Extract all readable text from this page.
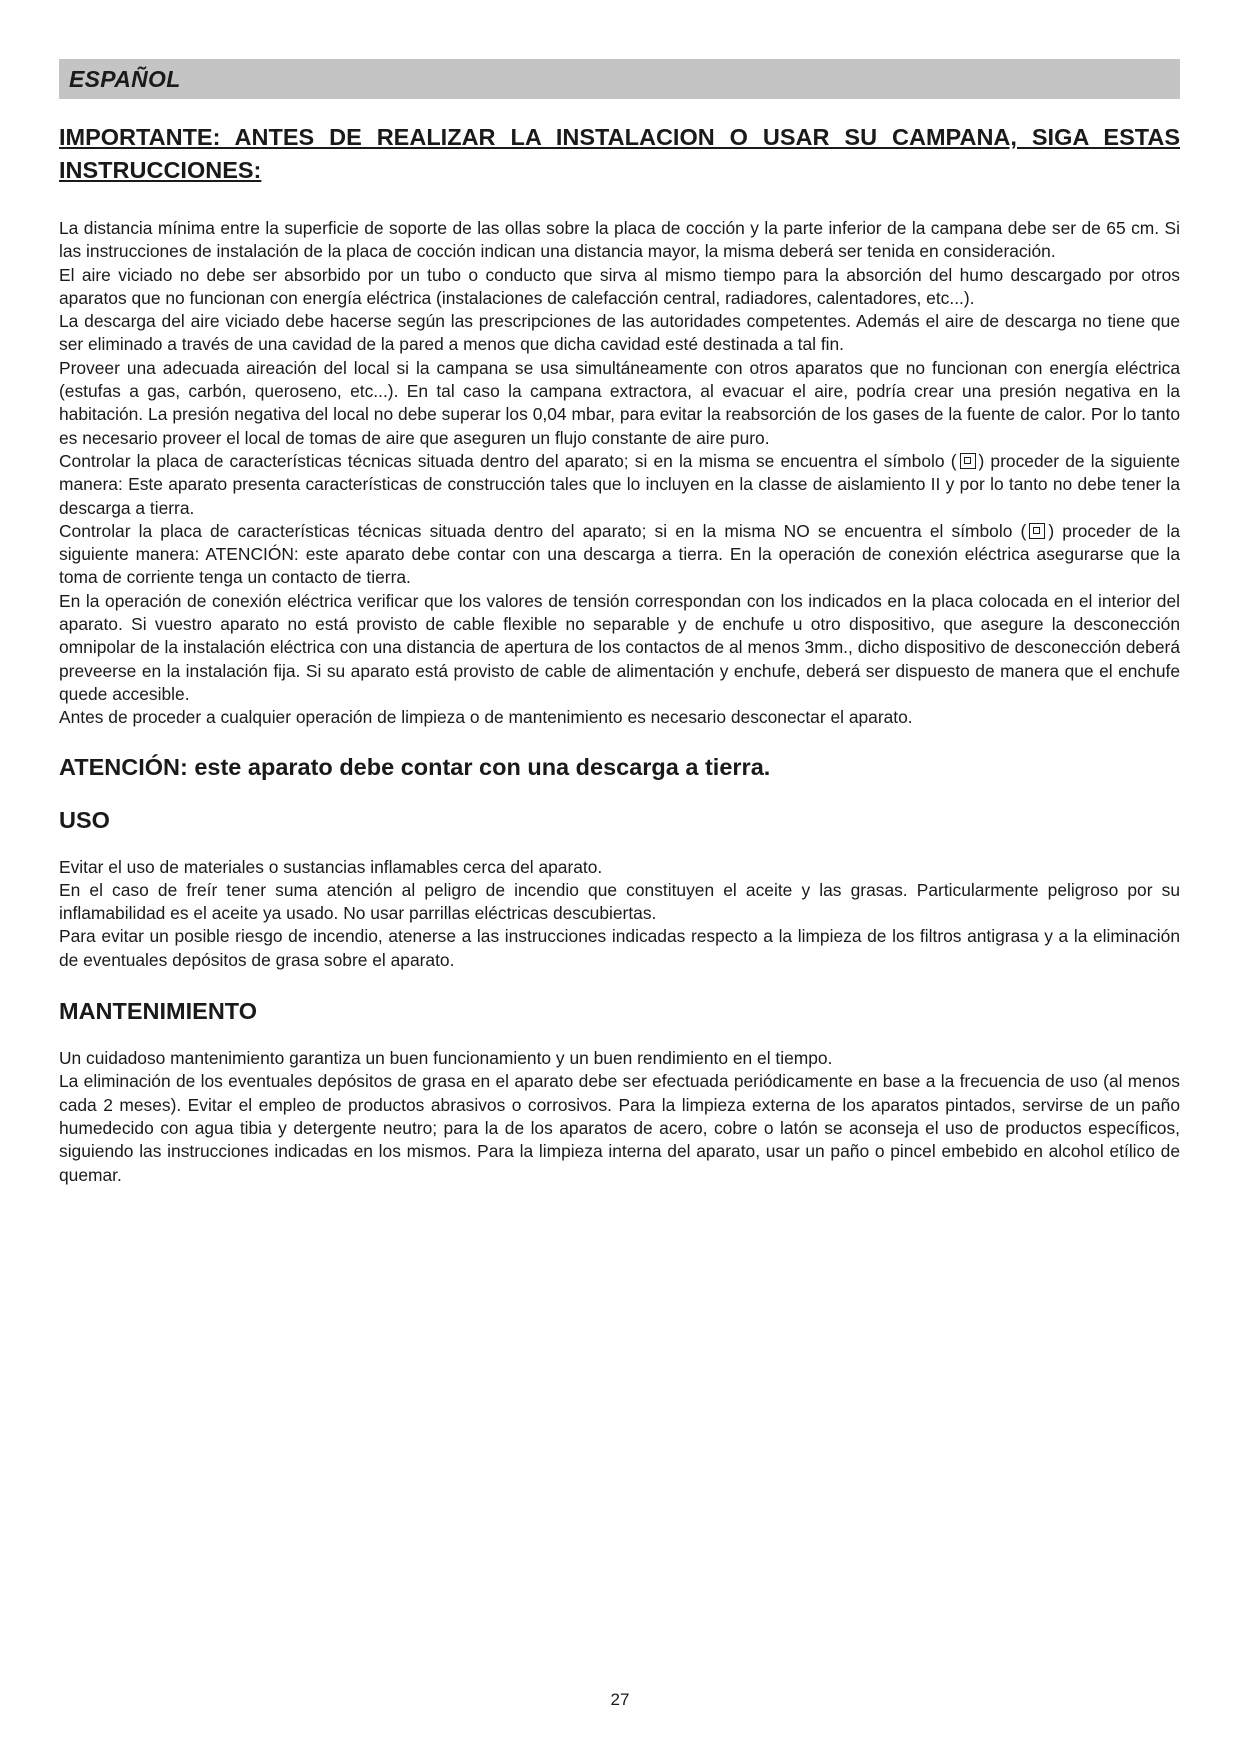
ESPAÑOL
IMPORTANTE: ANTES DE REALIZAR LA INSTALACION O USAR SU CAMPANA, SIGA ESTAS INSTRUCCIONES:

La distancia mínima entre la superficie de soporte de las ollas sobre la placa de cocción y la parte inferior de la campana debe ser de 65 cm. Si las instrucciones de instalación de la placa de cocción indican una distancia mayor, la misma deberá ser tenida en consideración.

El aire viciado no debe ser absorbido por un tubo o conducto que sirva al mismo tiempo para la absorción del humo descargado por otros aparatos que no funcionan con energía eléctrica (instalaciones de calefacción central, radiadores, calentadores, etc...).

La descarga del aire viciado debe hacerse según las prescripciones de las autoridades competentes. Además el aire de descarga no tiene que ser eliminado a través de una cavidad de la pared a menos que dicha cavidad esté destinada a tal fin.

Proveer una adecuada aireación del local si la campana se usa simultáneamente con otros aparatos que no funcionan con energía eléctrica (estufas a gas, carbón, queroseno, etc...). En tal caso la campana extractora, al evacuar el aire, podría crear una presión negativa en la habitación. La presión negativa del local no debe superar los 0,04 mbar, para evitar la reabsorción de los gases de la fuente de calor. Por lo tanto es necesario proveer el local de tomas de aire que aseguren un flujo constante de aire puro.

Controlar la placa de características técnicas situada dentro del aparato; si en la misma se encuentra el símbolo ( ) proceder de la siguiente manera: Este aparato presenta características de construcción tales que lo incluyen en la classe de aislamiento II y por lo tanto no debe tener la descarga a tierra.

Controlar la placa de características técnicas situada dentro del aparato; si en la misma NO se encuentra el símbolo ( ) proceder de la siguiente manera: ATENCIÓN: este aparato debe contar con una descarga a tierra. En la operación de conexión eléctrica asegurarse que la toma de corriente tenga un contacto de tierra.

En la operación de conexión eléctrica verificar que los valores de tensión correspondan con los indicados en la placa colocada en el interior del aparato. Si vuestro aparato no está provisto de cable flexible no separable y de enchufe u otro dispositivo, que asegure la desconección omnipolar de la instalación eléctrica con una distancia de apertura de los contactos de al menos 3mm., dicho dispositivo de desconección deberá preveerse en la instalación fija. Si su aparato está provisto de cable de alimentación y enchufe, deberá ser dispuesto de manera que el enchufe quede accesible.

Antes de proceder a cualquier operación de limpieza o de mantenimiento es necesario desconectar el aparato.

ATENCIÓN: este aparato debe contar con una descarga a tierra.
USO

Evitar el uso de materiales o sustancias inflamables cerca del aparato.

En el caso de freír tener suma atención al peligro de incendio que constituyen el aceite y las grasas. Particularmente peligroso por su inflamabilidad es el aceite ya usado. No usar parrillas eléctricas descubiertas.

Para evitar un posible riesgo de incendio, atenerse a las instrucciones indicadas respecto a la limpieza de los filtros antigrasa y a la eliminación de eventuales depósitos de grasa sobre el aparato.

MANTENIMIENTO

Un cuidadoso mantenimiento garantiza un buen funcionamiento y un buen rendimiento en el tiempo.

La eliminación de los eventuales depósitos de grasa en el aparato debe ser efectuada periódicamente en base a la frecuencia de uso (al menos cada 2 meses). Evitar el empleo de productos abrasivos o corrosivos. Para la limpieza externa de los aparatos pintados, servirse de un paño humedecido con agua tibia y detergente neutro; para la de los aparatos de acero, cobre o latón se aconseja el uso de productos específicos, siguiendo las instrucciones indicadas en los mismos. Para la limpieza interna del aparato, usar un paño o pincel embebido en alcohol etílico de quemar.

27
